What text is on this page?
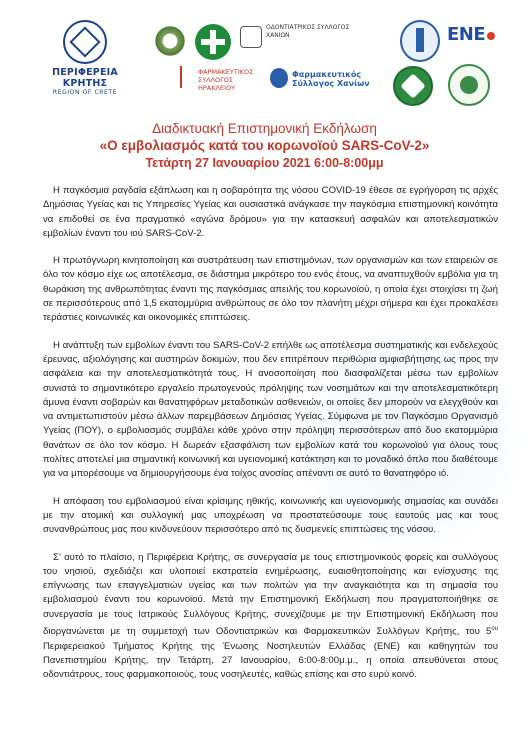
ΠΕΡΙΦΕΡΕΙΑ ΚΡΗΤΗΣ
REGION OF CRETE
ΟΔΟΝΤΙΑΤΡΙΚΟΣ ΣΥΛΛΟΓΟΣ ΧΑΝΙΩΝ	ENE
ΦΑΡΜΑΚΕΥΤΙΚΟΣ ΣΥΛΛΟΓΟΣ ΗΡΑΚΛΕΙΟΥ
Φαρμακευτικός Σύλλογος Χανίων
Διαδικτυακή Επιστημονική Εκδήλωση
«Ο εμβολιασμός κατά του κορωνοϊού SARS-CoV-2»
Τετάρτη 27 Ιανουαρίου 2021 6:00-8:00μμ

Η παγκόσμια ραγδαία εξάπλωση και η σοβαρότητα της νόσου COVID-19 έθεσε σε εγρήγορση τις αρχές Δημόσιας Υγείας και τις Υπηρεσίες Υγείας και ουσιαστικά ανάγκασε την παγκόσμια επιστημονική κοινότητα να επιδοθεί σε ένα πραγματικό «αγώνα δρόμου» για την κατασκευή ασφαλών και αποτελεσματικών εμβολίων έναντι του ιού SARS-CoV-2.

Η πρωτόγνωρη κινητοποίηση και συστράτευση των επιστημόνων, των οργανισμών και των εταιρειών σε όλο τον κόσμο είχε ως αποτέλεσμα, σε διάστημα μικρότερο του ενός έτους, να αναπτυχθούν εμβόλια για τη θωράκιση της ανθρωπότητας έναντι της παγκόσμιας απειλής του κορωνοϊού, η οποία έχει στοιχίσει τη ζωή σε περισσότερους από 1,5 εκατομμύρια ανθρώπους σε όλο τον πλανήτη μέχρι σήμερα και έχει προκαλέσει τεράστιες κοινωνικές και οικονομικές επιπτώσεις.

Η ανάπτυξη των εμβολίων έναντι του SARS-CoV-2 επήλθε ως αποτέλεσμα συστηματικής και ενδελεχούς έρευνας, αξιολόγησης και αυστηρών δοκιμών, που δεν επιτρέπουν περιθώρια αμφισβήτησης ως προς την ασφάλεια και την αποτελεσματικότητά τους. Η ανοσοποίηση που διασφαλίζεται μέσω των εμβολίων συνιστά το σημαντικότερο εργαλείο πρωτογενούς πρόληψης των νοσημάτων και την αποτελεσματικότερη άμυνα έναντι σοβαρών και θανατηφόρων μεταδοτικών ασθενειών, οι οποίες δεν μπορούν να ελεγχθούν και να αντιμετωπιστούν μέσω άλλων παρεμβάσεων Δημόσιας Υγείας. Σύμφωνα με τον Παγκόσμιο Οργανισμό Υγείας (ΠΟΥ), ο εμβολιασμός συμβάλει κάθε χρόνο στην πρόληψη περισσότερων από δυο εκατομμύρια θανάτων σε όλο τον κόσμο. Η δωρεάν εξασφάλιση των εμβολίων κατά του κορωνοϊού για όλους τους πολίτες αποτελεί μια σημαντική κοινωνική και υγειονομική κατάκτηση και το μοναδικό όπλο που διαθέτουμε για να μπορέσουμε να δημιουργήσουμε ένα τοίχος ανοσίας απέναντι σε αυτό το θανατηφόρο ιό.

Η απόφαση του εμβολιασμού είναι κρίσιμης ηθικής, κοινωνικής και υγειονομικής σημασίας και συνάδει με την ατομική και συλλογική μας υποχρέωση να προστατεύσουμε τους εαυτούς μας και τους συνανθρώπους μας που κινδυνεύουν περισσότερο από τις δυσμενείς επιπτώσεις της νόσου.

Σ’ αυτό το πλαίσιο, η Περιφέρεια Κρήτης, σε συνεργασία με τους επιστημονικούς φορείς και συλλόγους του νησιού, σχεδιάζει και υλοποιεί εκστρατεία ενημέρωσης, ευαισθητοποίησης και ενίσχυσης της επίγνωσης των επαγγελματιών υγείας και των πολιτών για την αναγκαιότητα και τη σημασία του εμβολιασμού έναντι του κορωνοϊού. Μετά την Επιστημονική Εκδήλωση που πραγματοποιήθηκε σε συνεργασία με τους Ιατρικούς Συλλόγους Κρήτης, συνεχίζουμε με την Επιστημονική Εκδήλωση που διοργανώνεται με τη συμμετοχή των Οδοντιατρικών και Φαρμακευτικών Συλλόγων Κρήτης, του $5^{o\upsilon}$ Περιφερειακού Τμήματος Κρήτης της Ένωσης Νοσηλευτών Ελλάδας (ΕΝΕ) και καθηγητών του Πανεπιστημίου Κρήτης, την Τετάρτη, 27 Ιανουαρίου, 6:00-8:00μ.μ., η οποία απευθύνεται στους οδοντιάτρους, τους φαρμακοποιούς, τους νοσηλευτές, καθώς επίσης και στο ευρύ κοινό.
